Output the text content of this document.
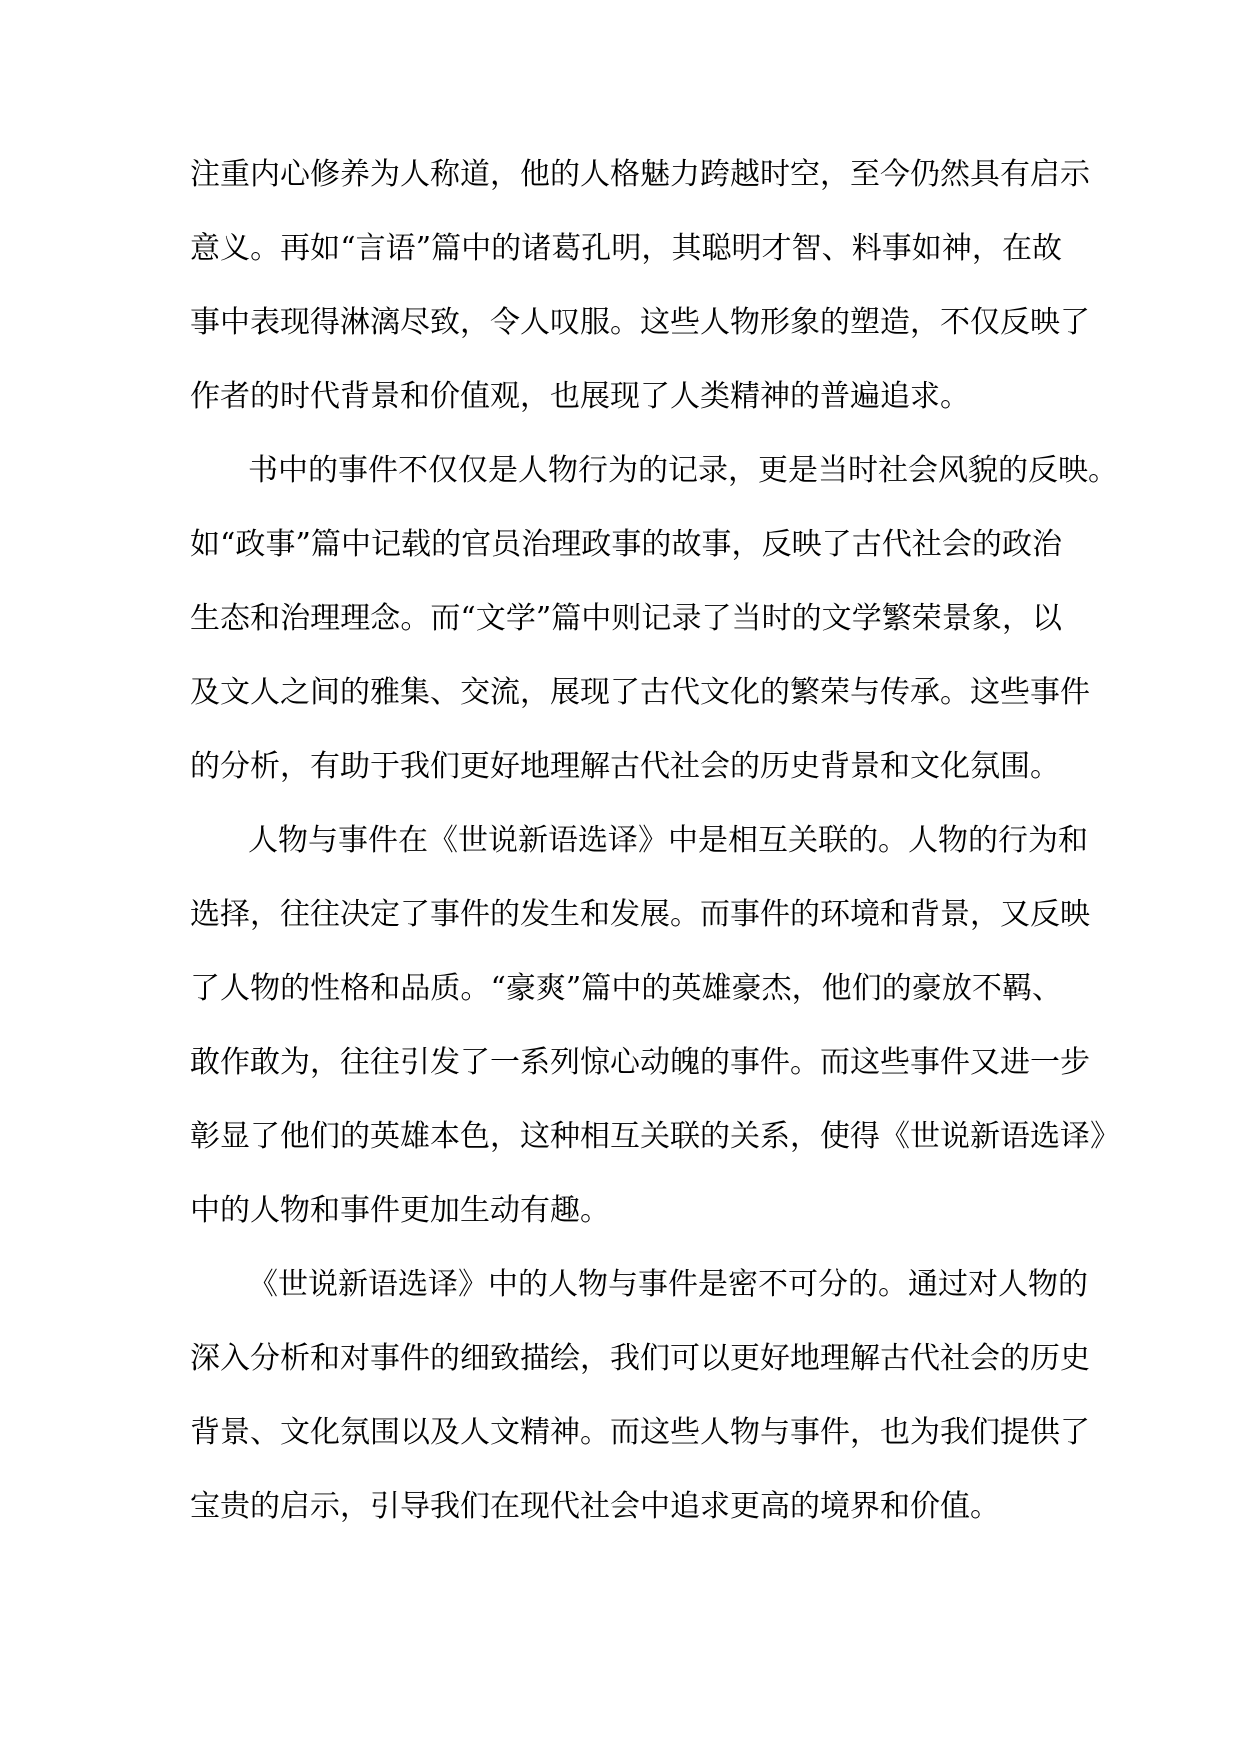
注重内心修养为人称道，他的人格魅力跨越时空，至今仍然具有启示
意义。再如“言语”篇中的诸葛孔明，其聪明才智、料事如神，在故
事中表现得淋漓尽致，令人叹服。这些人物形象的塑造，不仅反映了
作者的时代背景和价值观，也展现了人类精神的普遍追求。
书中的事件不仅仅是人物行为的记录，更是当时社会风貌的反映。
如“政事”篇中记载的官员治理政事的故事，反映了古代社会的政治
生态和治理理念。而“文学”篇中则记录了当时的文学繁荣景象，以
及文人之间的雅集、交流，展现了古代文化的繁荣与传承。这些事件
的分析，有助于我们更好地理解古代社会的历史背景和文化氛围。
人物与事件在《世说新语选译》中是相互关联的。人物的行为和
选择，往往决定了事件的发生和发展。而事件的环境和背景，又反映
了人物的性格和品质。“豪爽”篇中的英雄豪杰，他们的豪放不羁、
敢作敢为，往往引发了一系列惊心动魄的事件。而这些事件又进一步
彰显了他们的英雄本色，这种相互关联的关系，使得《世说新语选译》
中的人物和事件更加生动有趣。
《世说新语选译》中的人物与事件是密不可分的。通过对人物的
深入分析和对事件的细致描绘，我们可以更好地理解古代社会的历史
背景、文化氛围以及人文精神。而这些人物与事件，也为我们提供了
宝贵的启示，引导我们在现代社会中追求更高的境界和价值。
